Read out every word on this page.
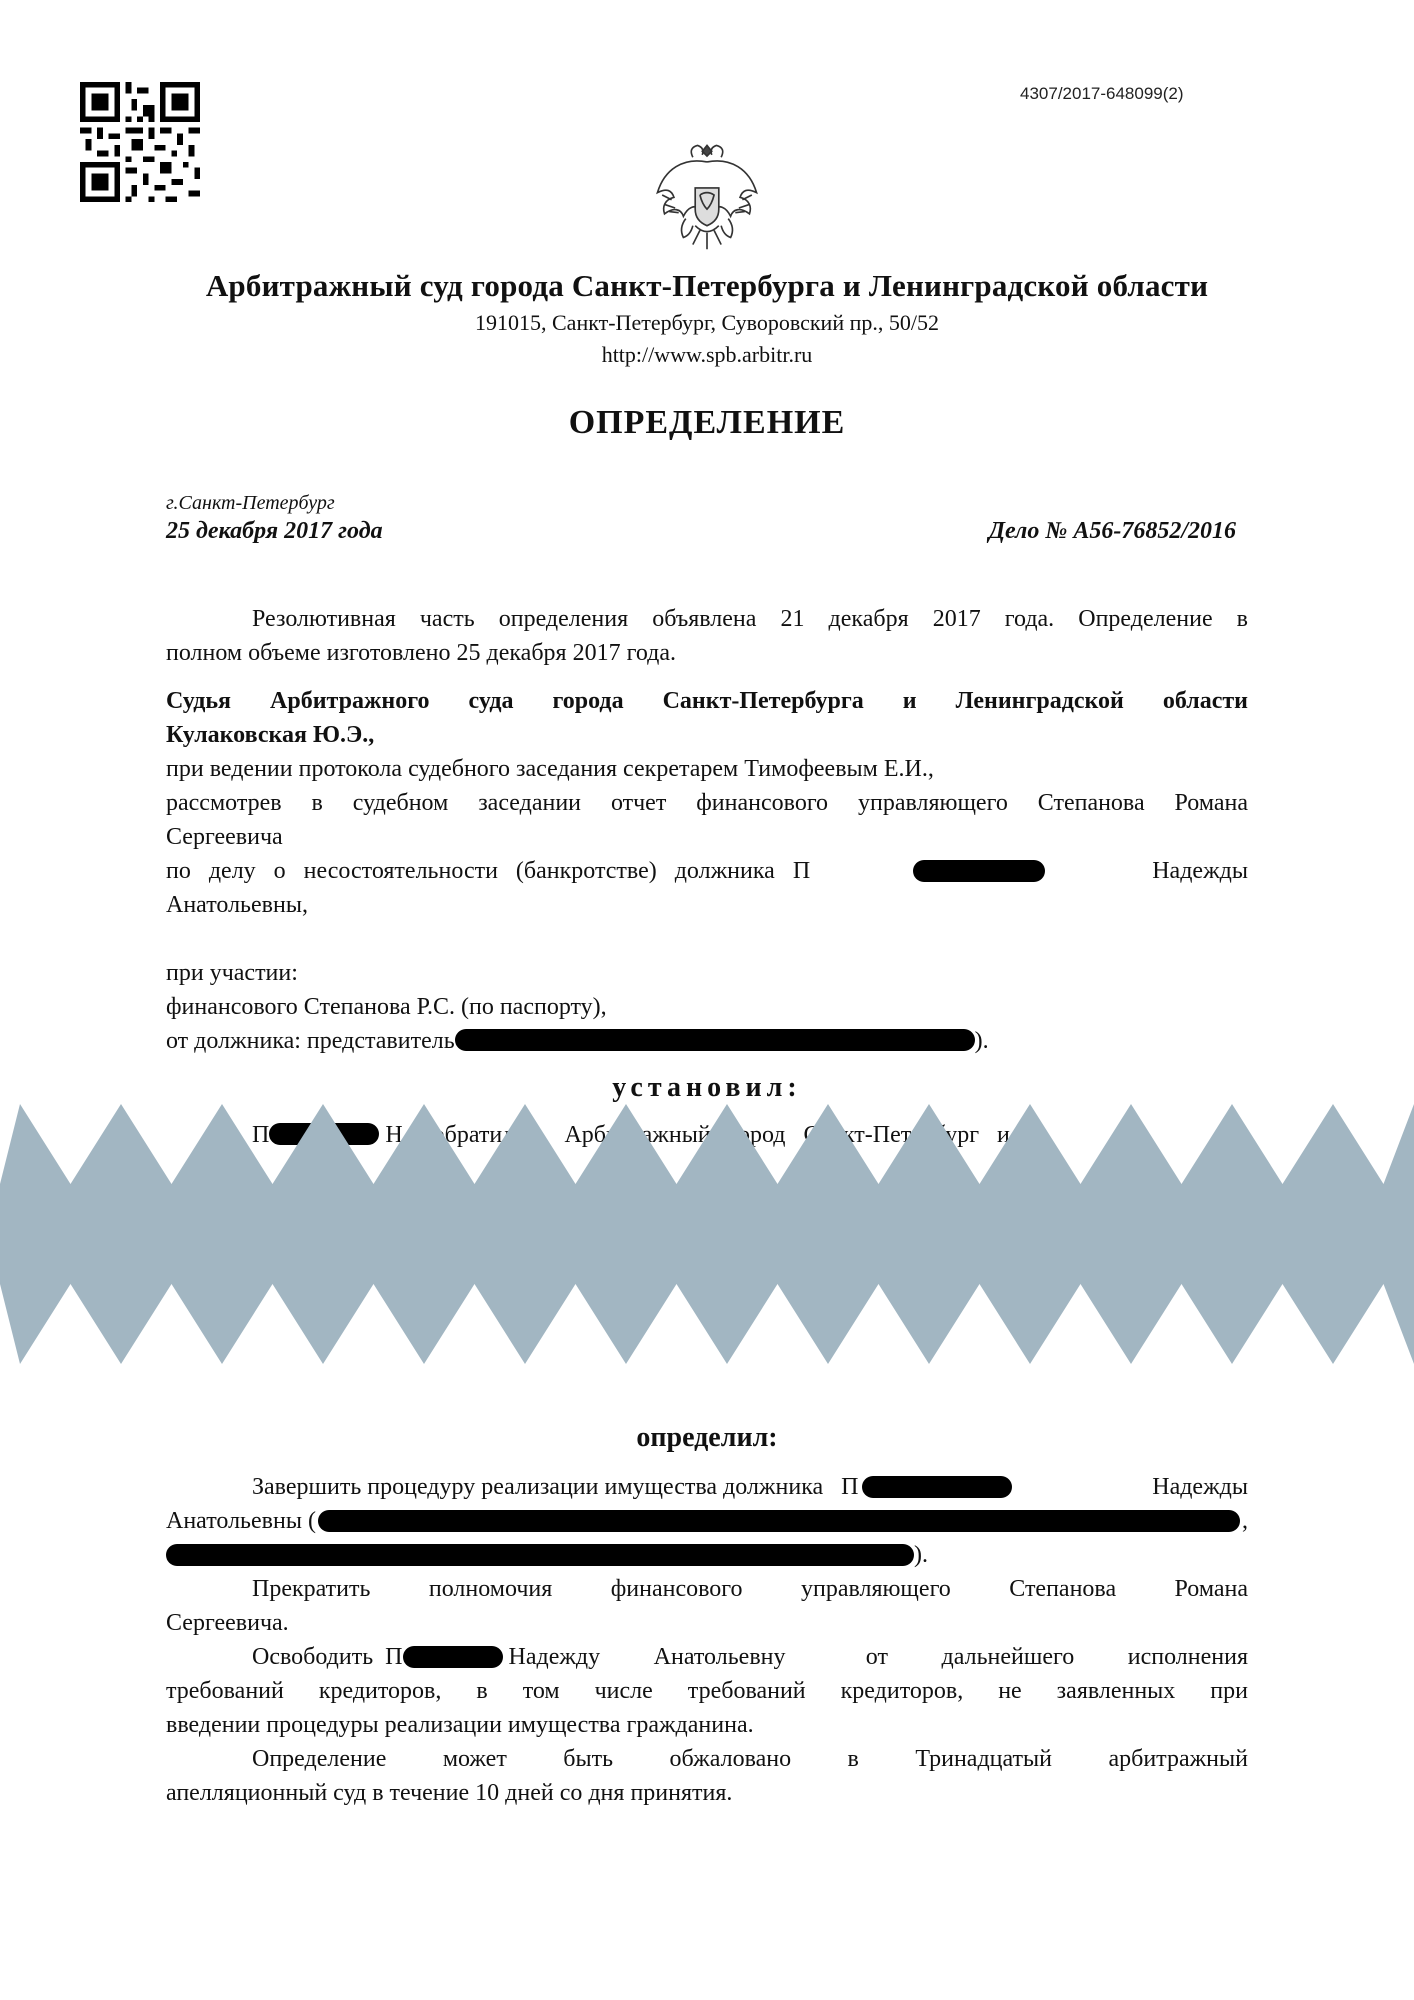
4307/2017-648099(2)
Арбитражный суд города Санкт-Петербурга и Ленинградской области
191015, Санкт-Петербург, Суворовский пр., 50/52
http://www.spb.arbitr.ru
ОПРЕДЕЛЕНИЕ
г.Санкт-Петербург
25 декабря 2017 года	Дело № А56-76852/2016
Резолютивная часть определения объявлена 21 декабря 2017 года. Определение в
полном объеме изготовлено 25 декабря 2017 года.
Судья Арбитражного суда города Санкт-Петербурга и Ленинградской области
Кулаковская Ю.Э.,
при ведении протокола судебного заседания секретарем Тимофеевым Е.И.,
рассмотрев в судебном заседании отчет финансового управляющего Степанова Романа
Сергеевича
по   делу   о   несостоятельности   (банкротстве)   должника   П	Надежды
Анатольевны,
при участии:
финансового Степанова Р.С. (по паспорту),
от должника: представитель	).
установил:
П	Н     обратилась   Арбитражный   город   Санкт-Петербург   и
определил:
Завершить процедуру реализации имущества должника   П	Надежды
Анатольевны (	,
).
Прекратить полномочия финансового управляющего Степанова Романа
Сергеевича.
Освободить  П	Надежду  Анатольевну   от  дальнейшего  исполнения
требований кредиторов, в том числе требований кредиторов, не заявленных при
введении процедуры реализации имущества гражданина.
Определение может быть обжаловано в Тринадцатый арбитражный
апелляционный суд в течение 10 дней со дня принятия.
